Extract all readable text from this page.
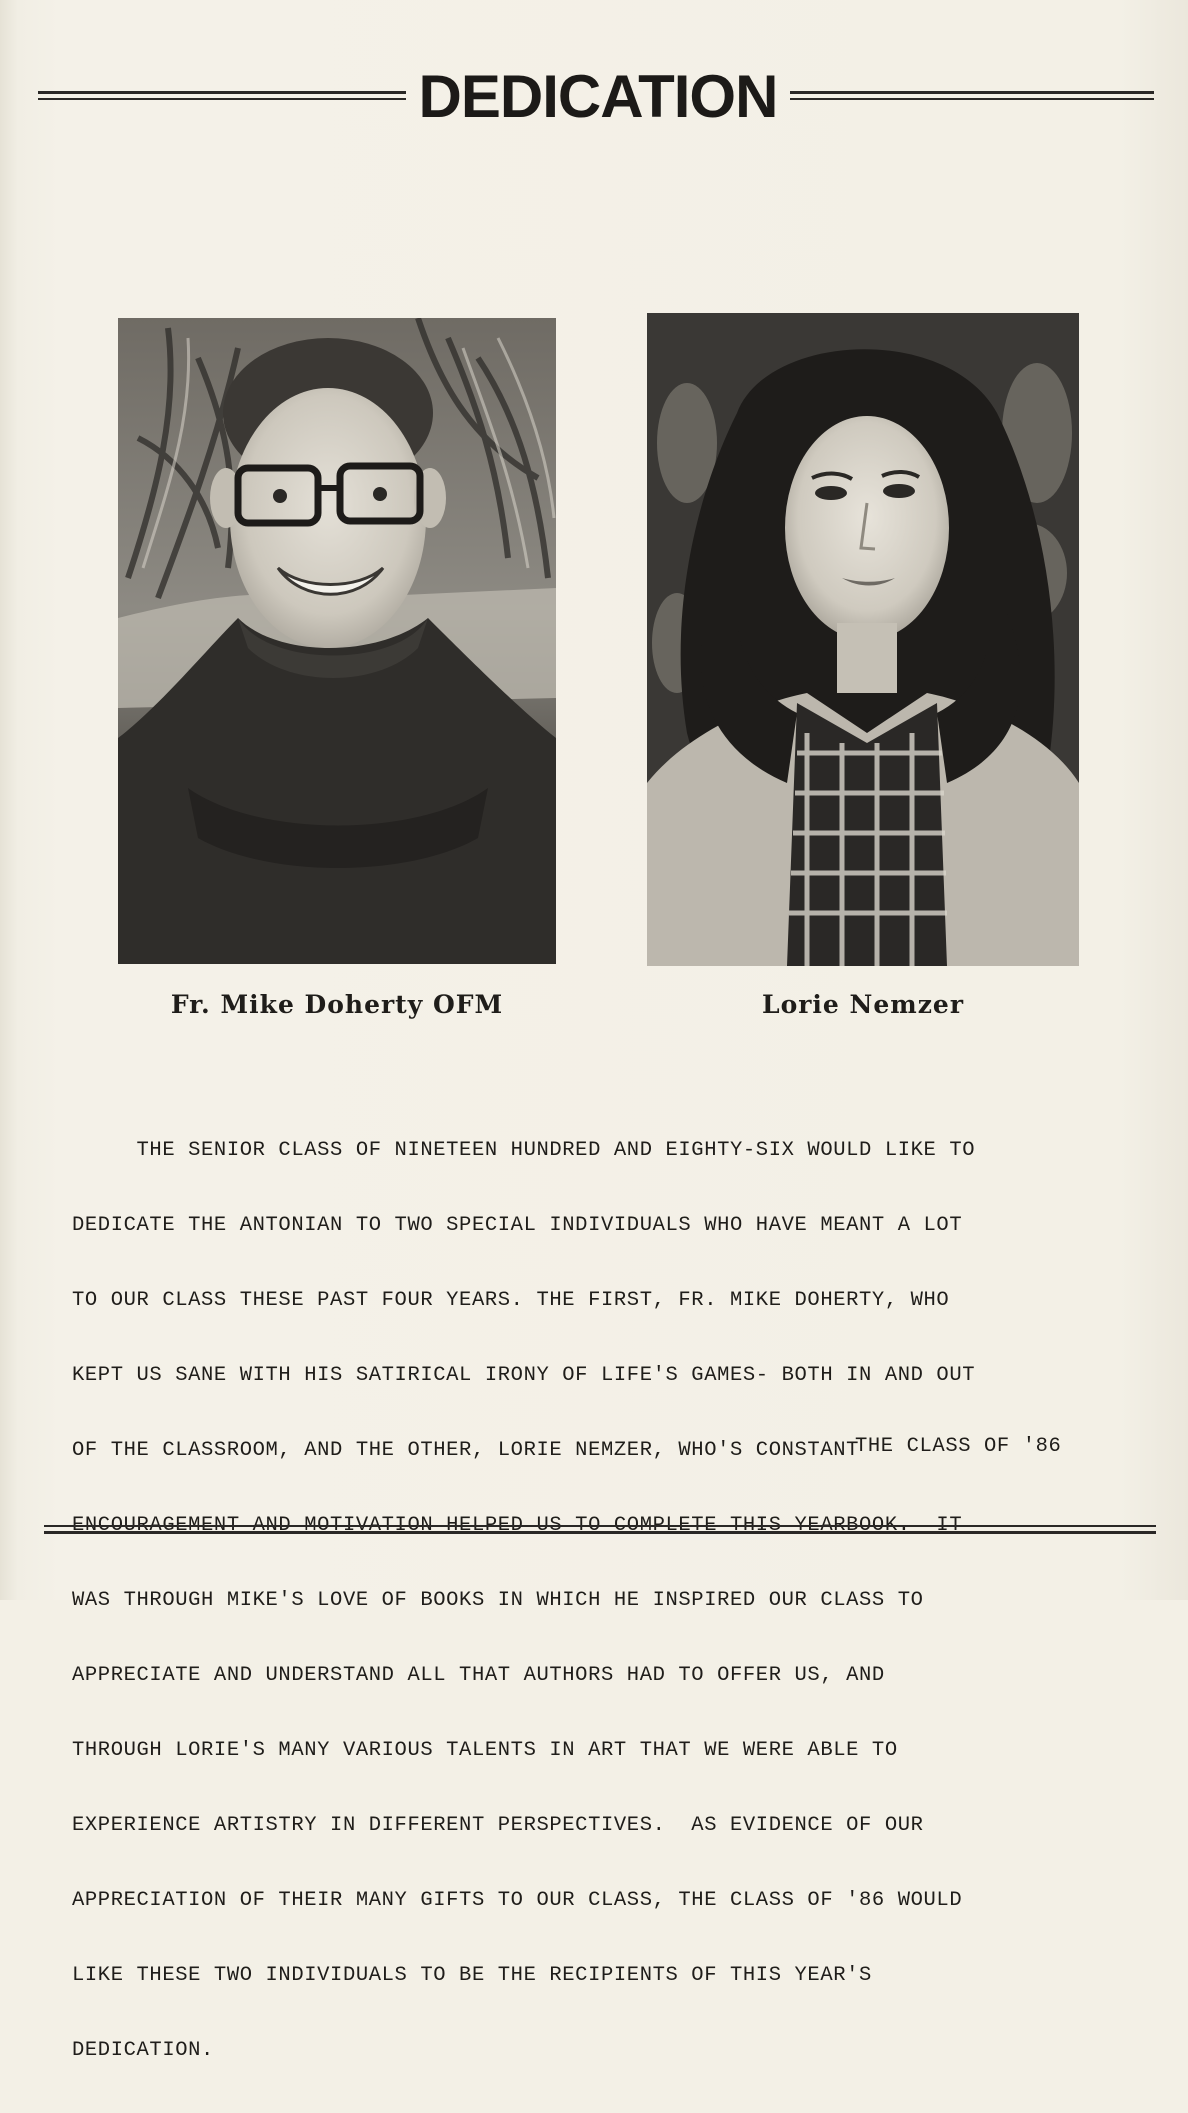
DEDICATION
Fr. Mike Doherty OFM	Lorie Nemzer

THE SENIOR CLASS OF NINETEEN HUNDRED AND EIGHTY-SIX WOULD LIKE TO

DEDICATE THE ANTONIAN TO TWO SPECIAL INDIVIDUALS WHO HAVE MEANT A LOT

TO OUR CLASS THESE PAST FOUR YEARS. THE FIRST, FR. MIKE DOHERTY, WHO

KEPT US SANE WITH HIS SATIRICAL IRONY OF LIFE'S GAMES- BOTH IN AND OUT

OF THE CLASSROOM, AND THE OTHER, LORIE NEMZER, WHO'S CONSTANT

ENCOURAGEMENT AND MOTIVATION HELPED US TO COMPLETE THIS YEARBOOK.  IT

WAS THROUGH MIKE'S LOVE OF BOOKS IN WHICH HE INSPIRED OUR CLASS TO

APPRECIATE AND UNDERSTAND ALL THAT AUTHORS HAD TO OFFER US, AND

THROUGH LORIE'S MANY VARIOUS TALENTS IN ART THAT WE WERE ABLE TO

EXPERIENCE ARTISTRY IN DIFFERENT PERSPECTIVES.  AS EVIDENCE OF OUR

APPRECIATION OF THEIR MANY GIFTS TO OUR CLASS, THE CLASS OF '86 WOULD

LIKE THESE TWO INDIVIDUALS TO BE THE RECIPIENTS OF THIS YEAR'S

DEDICATION.

THE CLASS OF '86
